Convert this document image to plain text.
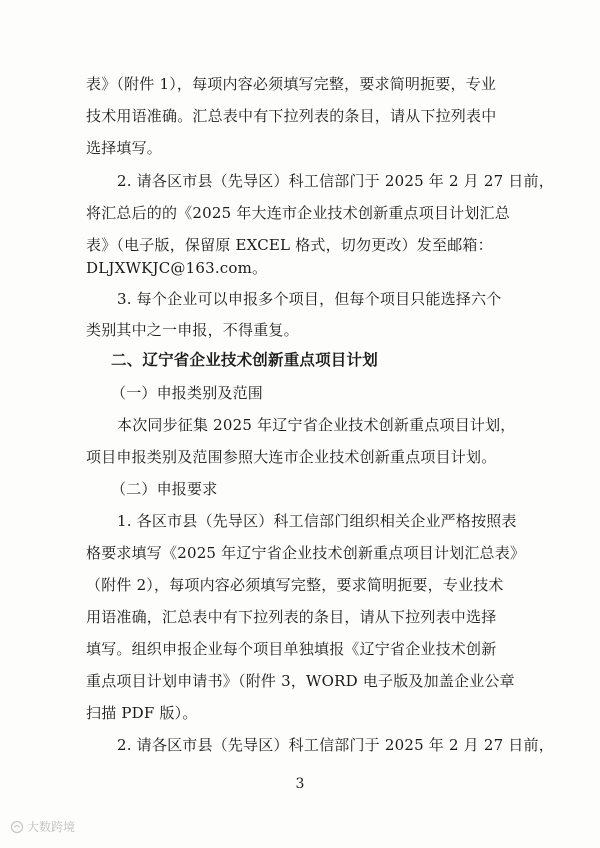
表》（附件 1），每项内容必须填写完整，要求简明扼要，专业
技术用语准确。汇总表中有下拉列表的条目，请从下拉列表中
选择填写。
2. 请各区市县（先导区）科工信部门于 2025 年 2 月 27 日前，
将汇总后的的《2025 年大连市企业技术创新重点项目计划汇总
表》（电子版，保留原 EXCEL 格式，切勿更改）发至邮箱：
DLJXWKJC@163.com。
3. 每个企业可以申报多个项目，但每个项目只能选择六个
类别其中之一申报，不得重复。
二、辽宁省企业技术创新重点项目计划
（一）申报类别及范围
本次同步征集 2025 年辽宁省企业技术创新重点项目计划，
项目申报类别及范围参照大连市企业技术创新重点项目计划。
（二）申报要求
1. 各区市县（先导区）科工信部门组织相关企业严格按照表
格要求填写《2025 年辽宁省企业技术创新重点项目计划汇总表》
（附件 2），每项内容必须填写完整，要求简明扼要，专业技术
用语准确，汇总表中有下拉列表的条目，请从下拉列表中选择
填写。组织申报企业每个项目单独填报《辽宁省企业技术创新
重点项目计划申请书》（附件 3，WORD 电子版及加盖企业公章
扫描 PDF 版）。
2. 请各区市县（先导区）科工信部门于 2025 年 2 月 27 日前，
3
大数跨境
